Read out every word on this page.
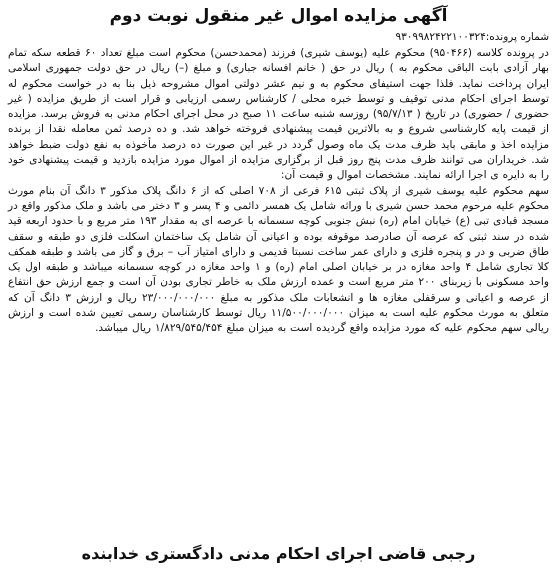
آگهی مزایده اموال غیر منقول نوبت دوم
شماره پرونده:۹۳۰۹۹۸۲۴۲۲۱۰۰۳۲۴
در پرونده کلاسه (۹۵۰۴۶۶) محکوم علیه (یوسف شیری) فرزند (محمدحسن) محکوم است مبلغ تعداد ۶۰ قطعه سکه تمام بهار آزادی بابت الباقی محکوم به ) ریال در حق ( خانم افسانه جباری) و مبلغ (–) ریال در حق دولت جمهوری اسلامی ایران پرداخت نماید. فلذا جهت استیفای محکوم به و نیم عشر دولتی اموال مشروحه ذیل بنا به در خواست محکوم له توسط اجرای احکام مدنی توقیف و توسط خبره محلی / کارشناس رسمی ارزیابی و قرار است از طریق مزایده ( غیر حضوری / حضوری) در تاریخ ( ۹۵/۷/۱۳) روزسه شنبه ساعت ۱۱ صبح در محل اجرای احکام مدنی به فروش برسد. مزایده از قیمت پایه کارشناسی شروع و به بالاترین قیمت پیشنهادی فروخته خواهد شد. و ده درصد ثمن معامله نقدا از برنده مزایده اخذ و مابقی باید ظرف مدت یک ماه وصول گردد در غیر این صورت ده درصد مأخوذه به نفع دولت ضبط خواهد شد. خریداران می توانند ظرف مدت پنج روز قبل از برگزاری مزایده از اموال مورد مزایده بازدید و قیمت پیشنهادی خود را به دایره ی اجرا ارائه نمایند. مشخصات اموال و قیمت آن:
سهم محکوم علیه یوسف شیری از پلاک ثبتی ۶۱۵ فرعی از ۷۰۸ اصلی که از ۶ دانگ پلاک مذکور ۳ دانگ آن بنام مورث محکوم علیه مرحوم محمد حسن شیری با وراثه شامل یک همسر دائمی و ۴ پسر و ۳ دختر می باشد و ملک مذکور واقع در مسجد قبادی تبی (ع) خیابان امام (ره) نبش جنوبی کوچه سسمانه با عرصه ای به مقدار ۱۹۳ متر مربع و با حدود اربعه قید شده در سند ثبتی که عرصه آن صادرصد موقوفه بوده و اعیانی آن شامل یک ساختمان اسکلت فلزی دو طبقه و سقف طاق ضربی و در و پنجره فلزی و دارای عمر ساخت نسبتا قدیمی و دارای امتیاز آب – برق و گاز می باشد و طبقه همکف کلا تجاری شامل ۴ واحد مغازه در بر خیابان اصلی امام (ره) و ۱ واحد مغازه در کوچه سسمانه میباشد و طبقه اول یک واحد مسکونی با زیربنای ۲۰۰ متر مربع است و عمده ارزش ملک به خاطر تجاری بودن آن است و جمع ارزش حق انتفاع از عرصه و اعیانی و سرقفلی مغازه ها و انشعابات ملک مذکور به مبلغ ۲۳/۰۰۰/۰۰۰/۰۰۰ ریال و ارزش ۳ دانگ آن که متعلق به مورث محکوم علیه است به میزان ۱۱/۵۰۰/۰۰۰/۰۰۰ ریال توسط کارشناسان رسمی تعیین شده است و ارزش ریالی سهم محکوم علیه که مورد مزایده واقع گردیده است به میزان مبلغ ۱/۸۲۹/۵۴۵/۴۵۴ ریال میباشد.
رجبی قاضی اجرای احکام مدنی دادگستری خدابنده
